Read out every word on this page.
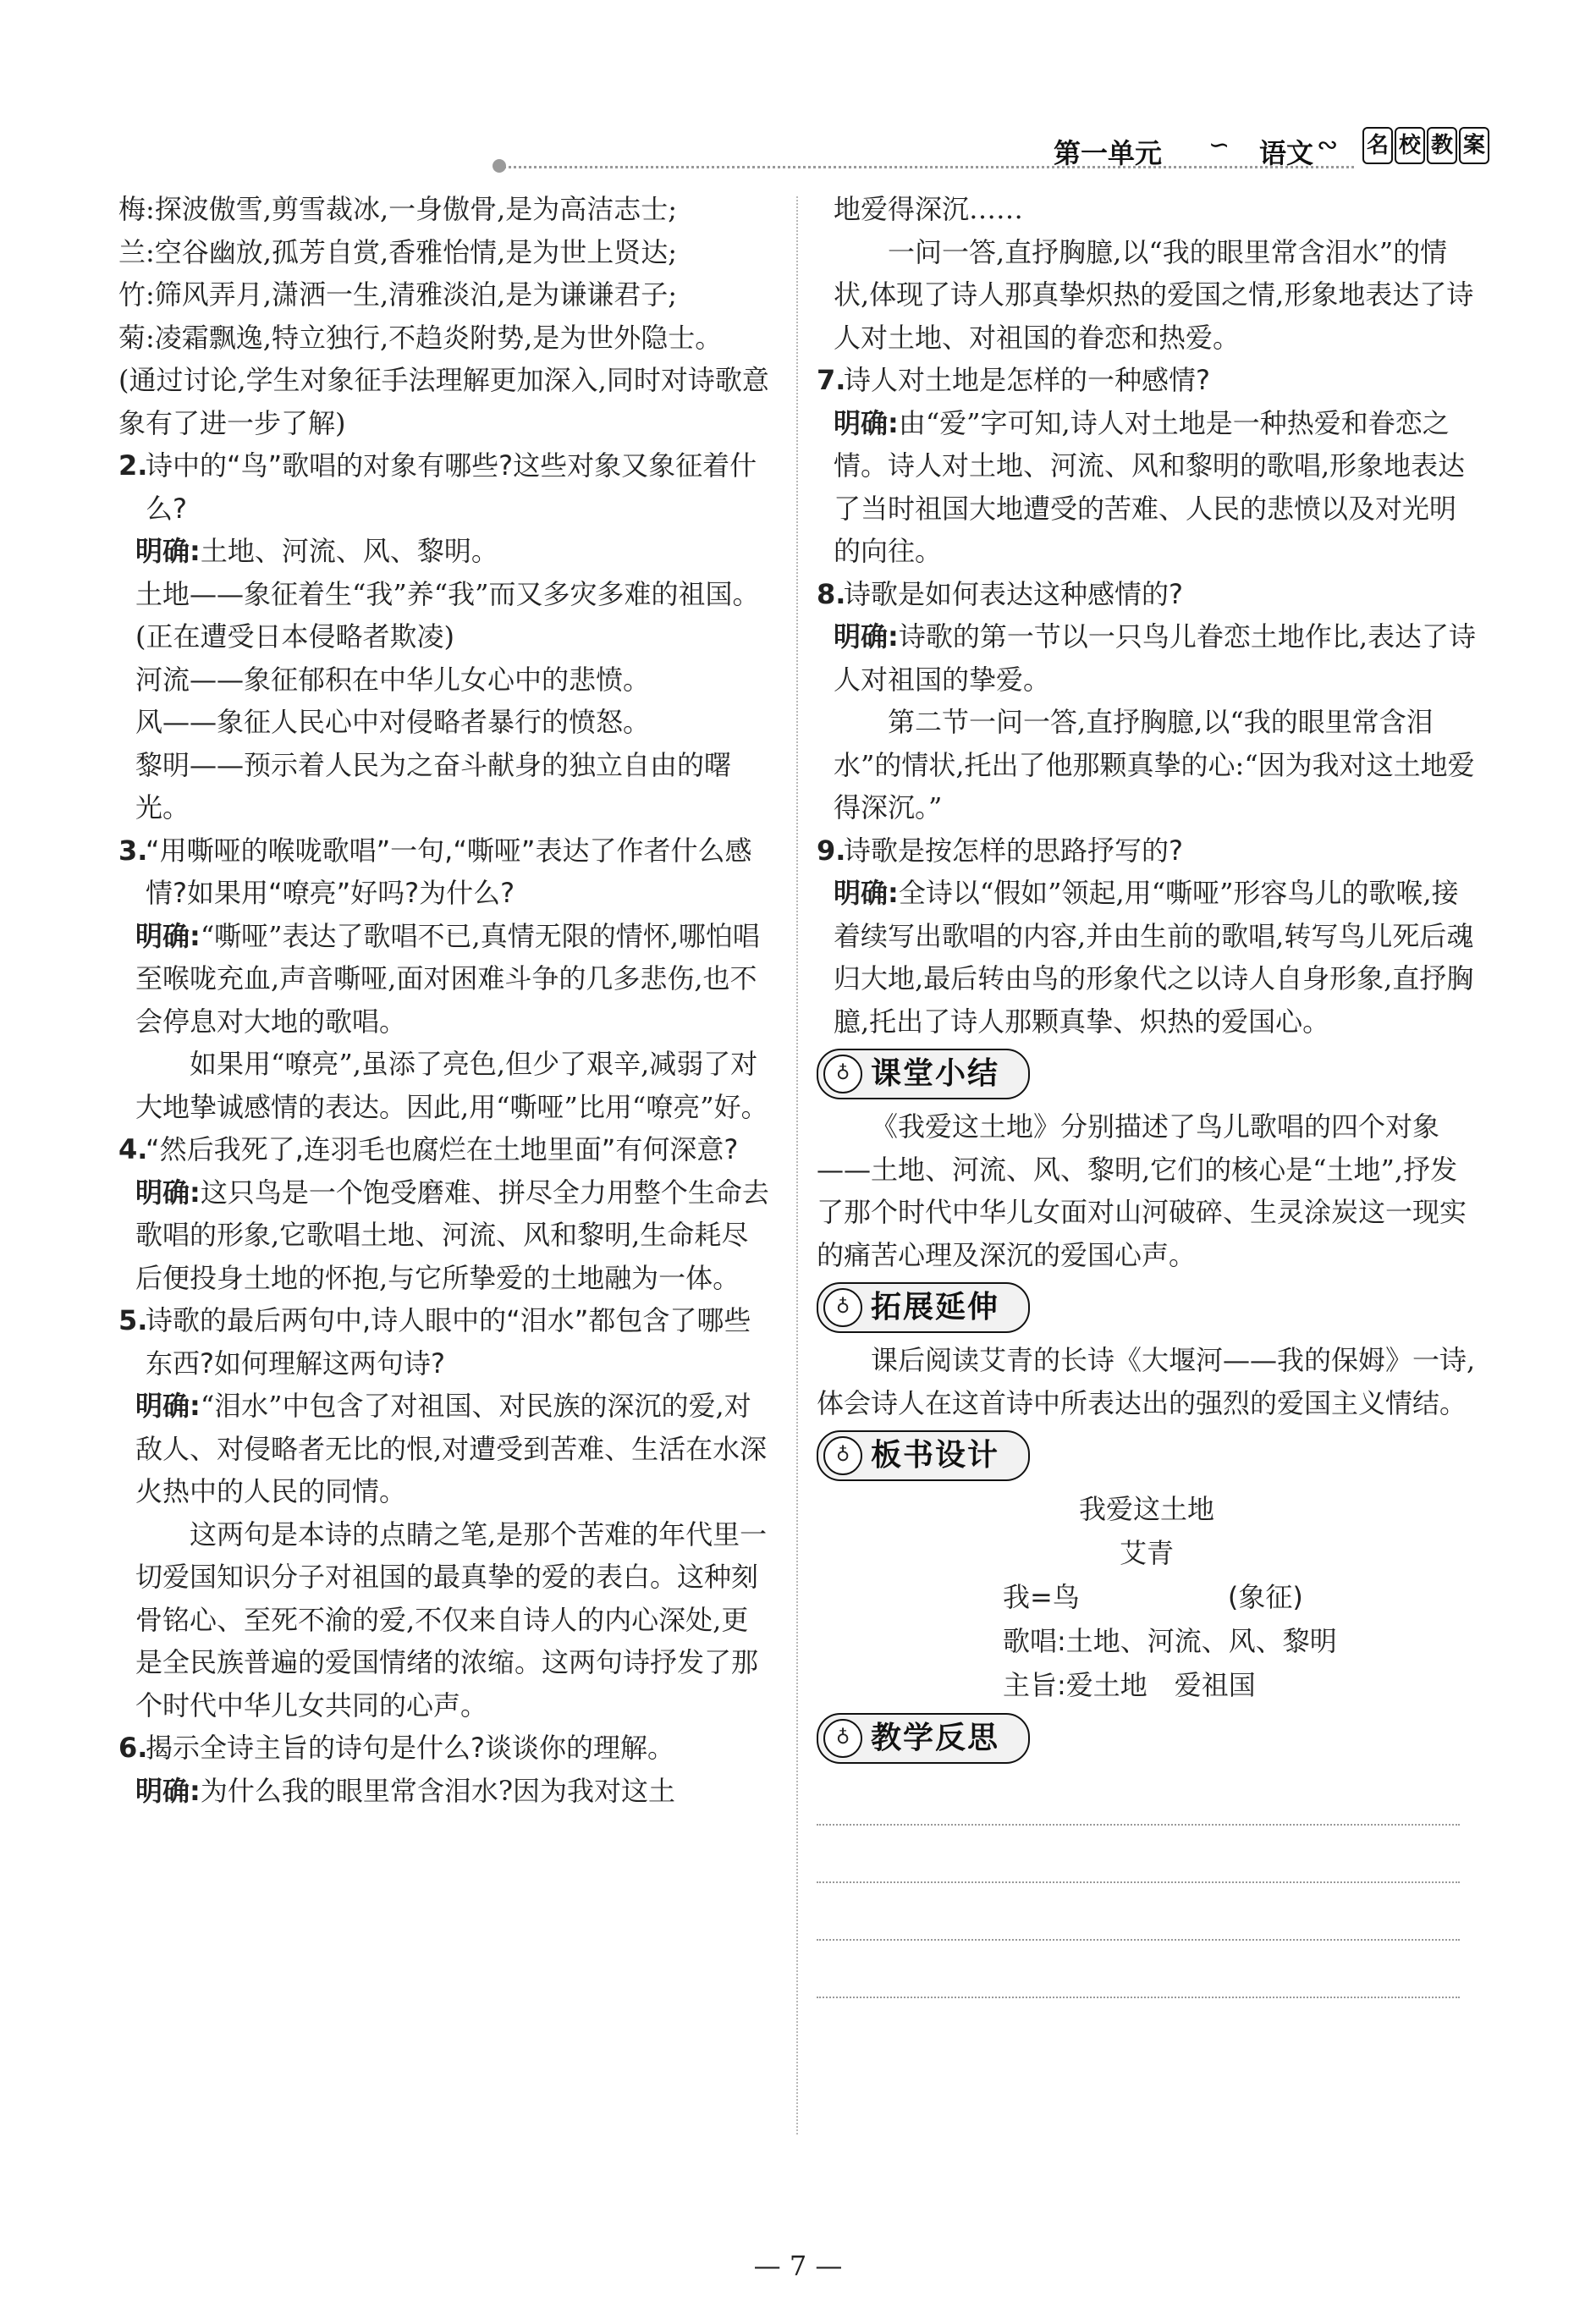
第一单元 ∽ 语文 ∾ 名 校 教 案

梅:探波傲雪,剪雪裁冰,一身傲骨,是为高洁志士;

兰:空谷幽放,孤芳自赏,香雅怡情,是为世上贤达;

竹:筛风弄月,潇洒一生,清雅淡泊,是为谦谦君子;

菊:凌霜飘逸,特立独行,不趋炎附势,是为世外隐士。

(通过讨论,学生对象征手法理解更加深入,同时对诗歌意象有了进一步了解)

2.
诗中的“鸟”歌唱的对象有哪些?这些对象又象征着什么?

明确:土地、河流、风、黎明。

土地——象征着生“我”养“我”而又多灾多难的祖国。(正在遭受日本侵略者欺凌)

河流——象征郁积在中华儿女心中的悲愤。

风——象征人民心中对侵略者暴行的愤怒。

黎明——预示着人民为之奋斗献身的独立自由的曙光。

3.
“用嘶哑的喉咙歌唱”一句,“嘶哑”表达了作者什么感情?如果用“嘹亮”好吗?为什么?

明确:“嘶哑”表达了歌唱不已,真情无限的情怀,哪怕唱至喉咙充血,声音嘶哑,面对困难斗争的几多悲伤,也不会停息对大地的歌唱。

如果用“嘹亮”,虽添了亮色,但少了艰辛,减弱了对大地挚诚感情的表达。因此,用“嘶哑”比用“嘹亮”好。

4.
“然后我死了,连羽毛也腐烂在土地里面”有何深意?

明确:这只鸟是一个饱受磨难、拼尽全力用整个生命去歌唱的形象,它歌唱土地、河流、风和黎明,生命耗尽后便投身土地的怀抱,与它所挚爱的土地融为一体。

5.
诗歌的最后两句中,诗人眼中的“泪水”都包含了哪些东西?如何理解这两句诗?

明确:“泪水”中包含了对祖国、对民族的深沉的爱,对敌人、对侵略者无比的恨,对遭受到苦难、生活在水深火热中的人民的同情。

这两句是本诗的点睛之笔,是那个苦难的年代里一切爱国知识分子对祖国的最真挚的爱的表白。这种刻骨铭心、至死不渝的爱,不仅来自诗人的内心深处,更是全民族普遍的爱国情绪的浓缩。这两句诗抒发了那个时代中华儿女共同的心声。

6.
揭示全诗主旨的诗句是什么?谈谈你的理解。

明确:为什么我的眼里常含泪水?因为我对这土

地爱得深沉……

一问一答,直抒胸臆,以“我的眼里常含泪水”的情状,体现了诗人那真挚炽热的爱国之情,形象地表达了诗人对土地、对祖国的眷恋和热爱。

7.
诗人对土地是怎样的一种感情?

明确:由“爱”字可知,诗人对土地是一种热爱和眷恋之情。诗人对土地、河流、风和黎明的歌唱,形象地表达了当时祖国大地遭受的苦难、人民的悲愤以及对光明的向往。

8.
诗歌是如何表达这种感情的?

明确:诗歌的第一节以一只鸟儿眷恋土地作比,表达了诗人对祖国的挚爱。

第二节一问一答,直抒胸臆,以“我的眼里常含泪水”的情状,托出了他那颗真挚的心:“因为我对这土地爱得深沉。”

9.
诗歌是按怎样的思路抒写的?

明确:全诗以“假如”领起,用“嘶哑”形容鸟儿的歌喉,接着续写出歌唱的内容,并由生前的歌唱,转写鸟儿死后魂归大地,最后转由鸟的形象代之以诗人自身形象,直抒胸臆,托出了诗人那颗真挚、炽热的爱国心。

♁ 课堂小结

《我爱这土地》分别描述了鸟儿歌唱的四个对象——土地、河流、风、黎明,它们的核心是“土地”,抒发了那个时代中华儿女面对山河破碎、生灵涂炭这一现实的痛苦心理及深沉的爱国心声。

♁ 拓展延伸

课后阅读艾青的长诗《大堰河——我的保姆》一诗,体会诗人在这首诗中所表达出的强烈的爱国主义情结。

♁ 板书设计
我爱这土地
艾青
我=鸟	(象征)
歌唱:土地、河流、风、黎明
主旨:爱土地　爱祖国
♁ 教学反思
— 7 —
